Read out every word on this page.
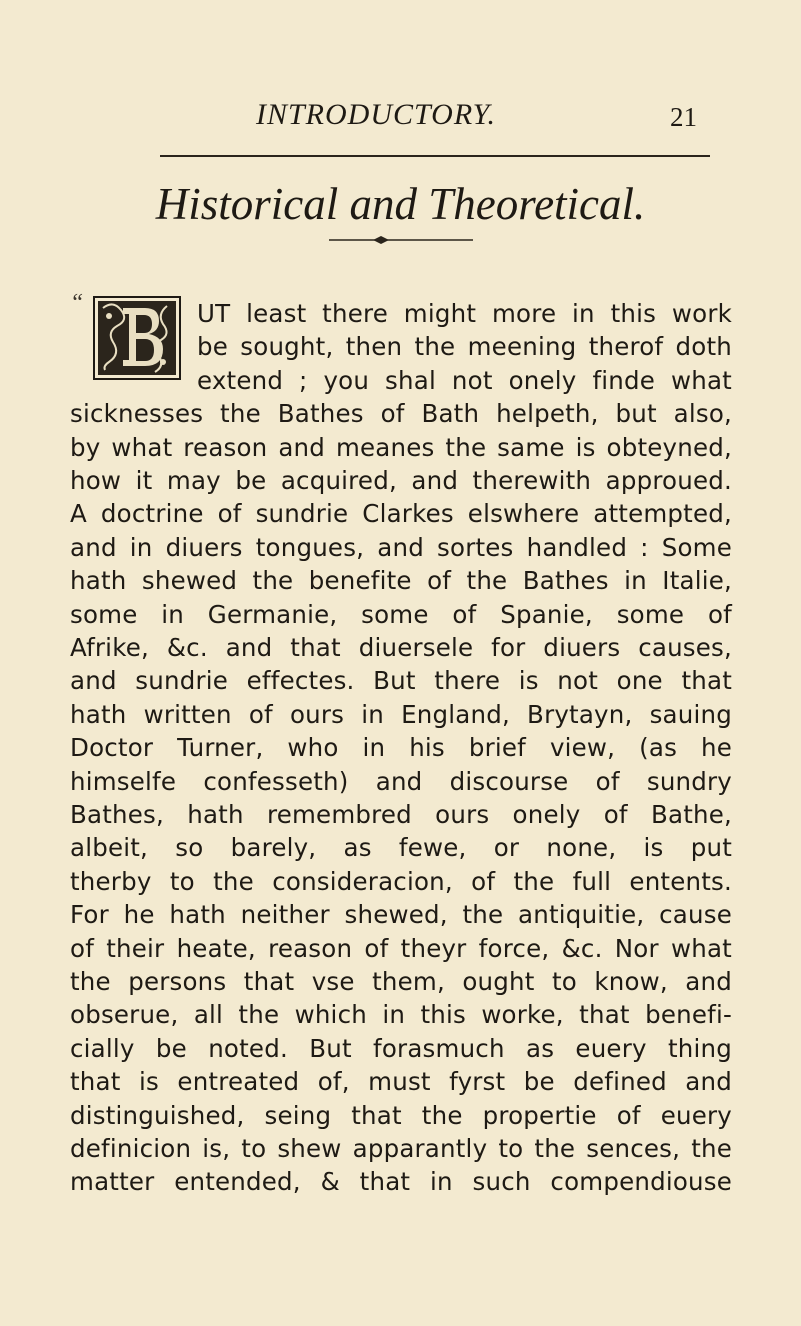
INTRODUCTORY.	21
Historical and Theoretical.
“	UT least there might more in this work
be sought, then the meening therof doth
extend ; you shal not onely finde what
sicknesses the Bathes of Bath helpeth, but also,
by what reason and meanes the same is obteyned,
how it may be acquired, and therewith approued.
A doctrine of sundrie Clarkes elswhere attempted,
and in diuers tongues, and sortes handled : Some
hath shewed the benefite of the Bathes in Italie,
some in Germanie, some of Spanie, some of
Afrike, &c. and that diuersele for diuers causes,
and sundrie effectes. But there is not one that
hath written of ours in England, Brytayn, sauing
Doctor Turner, who in his brief view, (as he
himselfe confesseth) and discourse of sundry
Bathes, hath remembred ours onely of Bathe,
albeit, so barely, as fewe, or none, is put
therby to the consideracion, of the full entents.
For he hath neither shewed, the antiquitie, cause
of their heate, reason of theyr force, &c. Nor what
the persons that vse them, ought to know, and
obserue, all the which in this worke, that benefi-
cially be noted. But forasmuch as euery thing
that is entreated of, must fyrst be defined and
distinguished, seing that the propertie of euery
definicion is, to shew apparantly to the sences, the
matter entended, & that in such compendiouse
